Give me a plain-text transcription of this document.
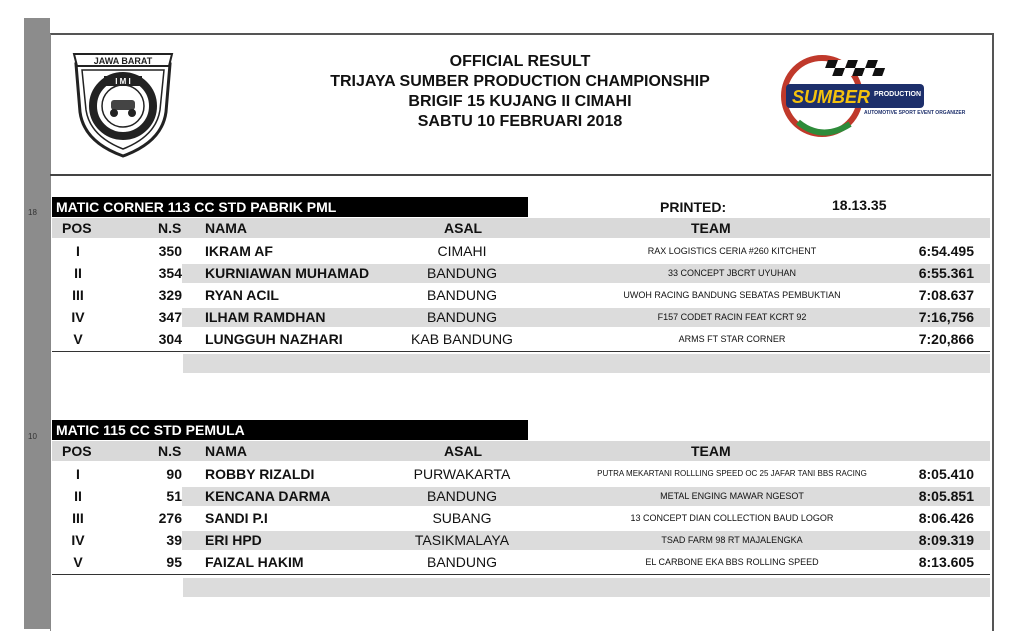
JAWA BARAT
I M I
OFFICIAL RESULT
TRIJAYA SUMBER PRODUCTION CHAMPIONSHIP
BRIGIF 15 KUJANG II CIMAHI
SABTU 10 FEBRUARI 2018
SUMBER PRODUCTION
AUTOMOTIVE SPORT EVENT ORGANIZER
18 MATIC CORNER 113 CC STD PABRIK PML	PRINTED:	18.13.35
POS	N.S NAMA	ASAL	TEAM
I	350 IKRAM AF	CIMAHI	RAX LOGISTICS CERIA #260 KITCHENT	6:54.495
II	354 KURNIAWAN MUHAMAD	BANDUNG	33 CONCEPT JBCRT UYUHAN	6:55.361
III	329 RYAN ACIL	BANDUNG	UWOH RACING BANDUNG SEBATAS PEMBUKTIAN	7:08.637
IV	347 ILHAM RAMDHAN	BANDUNG	F157 CODET RACIN FEAT KCRT 92	7:16,756
V	304 LUNGGUH NAZHARI	KAB BANDUNG	ARMS FT STAR CORNER	7:20,866
10 MATIC 115 CC STD PEMULA
POS	N.S NAMA	ASAL	TEAM
I	90 ROBBY RIZALDI	PURWAKARTA	PUTRA MEKARTANI ROLLLING SPEED OC 25 JAFAR TANI BBS RACING	8:05.410
II	51 KENCANA DARMA	BANDUNG	METAL ENGING MAWAR NGESOT	8:05.851
III	276 SANDI P.I	SUBANG	13 CONCEPT DIAN COLLECTION BAUD LOGOR	8:06.426
IV	39 ERI HPD	TASIKMALAYA	TSAD FARM 98 RT MAJALENGKA	8:09.319
V	95 FAIZAL HAKIM	BANDUNG	EL CARBONE EKA BBS ROLLING SPEED	8:13.605
